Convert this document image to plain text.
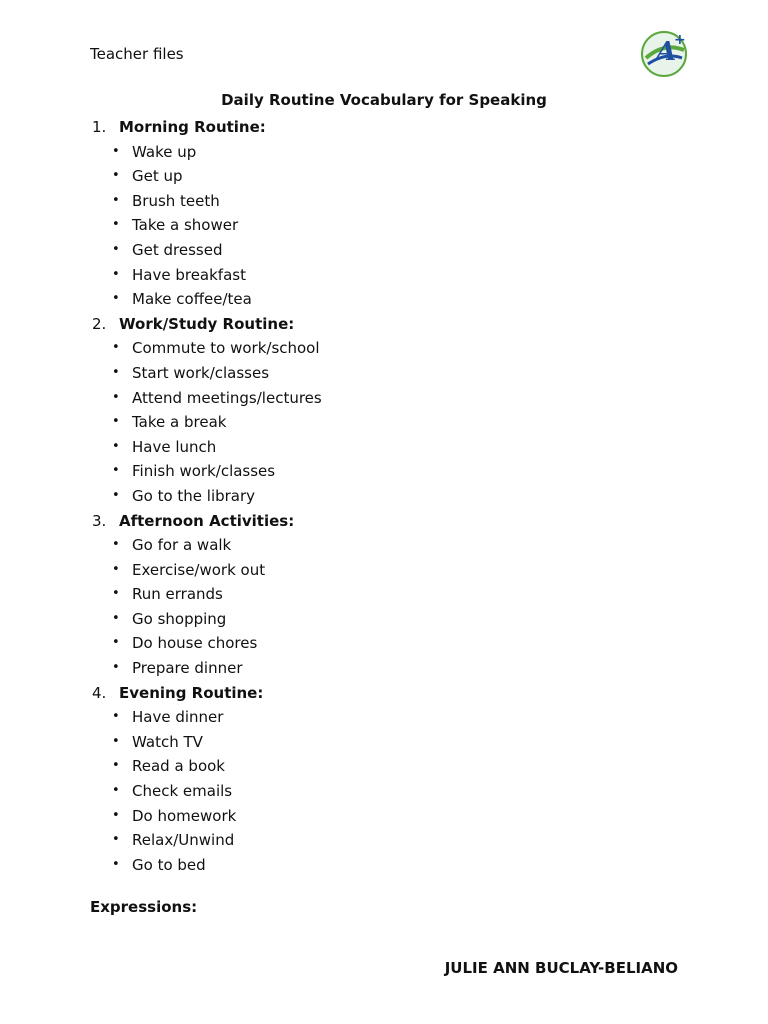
Teacher files	A
+
Daily Routine Vocabulary for Speaking
1. Morning Routine:
• Wake up
• Get up
• Brush teeth
• Take a shower
• Get dressed
• Have breakfast
• Make coffee/tea
2. Work/Study Routine:
• Commute to work/school
• Start work/classes
• Attend meetings/lectures
• Take a break
• Have lunch
• Finish work/classes
• Go to the library
3. Afternoon Activities:
• Go for a walk
• Exercise/work out
• Run errands
• Go shopping
• Do house chores
• Prepare dinner
4. Evening Routine:
• Have dinner
• Watch TV
• Read a book
• Check emails
• Do homework
• Relax/Unwind
• Go to bed
Expressions:
JULIE ANN BUCLAY-BELIANO
